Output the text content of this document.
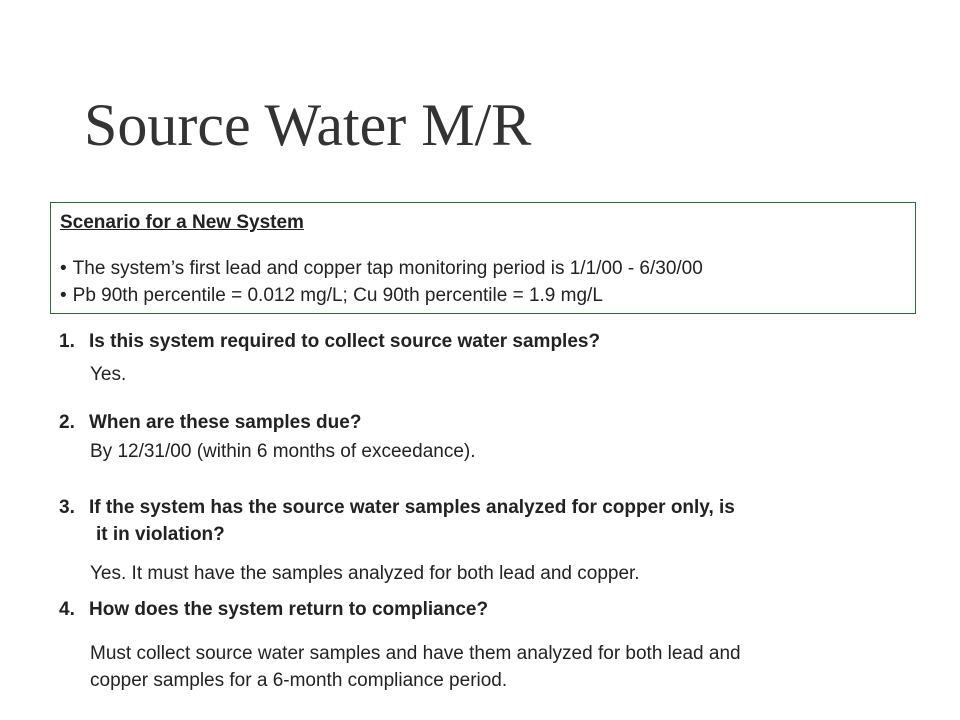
Source Water M/R

Scenario for a New System

• The system’s first lead and copper tap monitoring period is 1/1/00 - 6/30/00
• Pb 90th percentile = 0.012 mg/L; Cu 90th percentile = 1.9 mg/L

1. Is this system required to collect source water samples?

Yes.

2. When are these samples due?

By 12/31/00 (within 6 months of exceedance).

3. If the system has the source water samples analyzed for copper only, is
it in violation?

Yes. It must have the samples analyzed for both lead and copper.

4. How does the system return to compliance?

Must collect source water samples and have them analyzed for both lead and
copper samples for a 6-month compliance period.
